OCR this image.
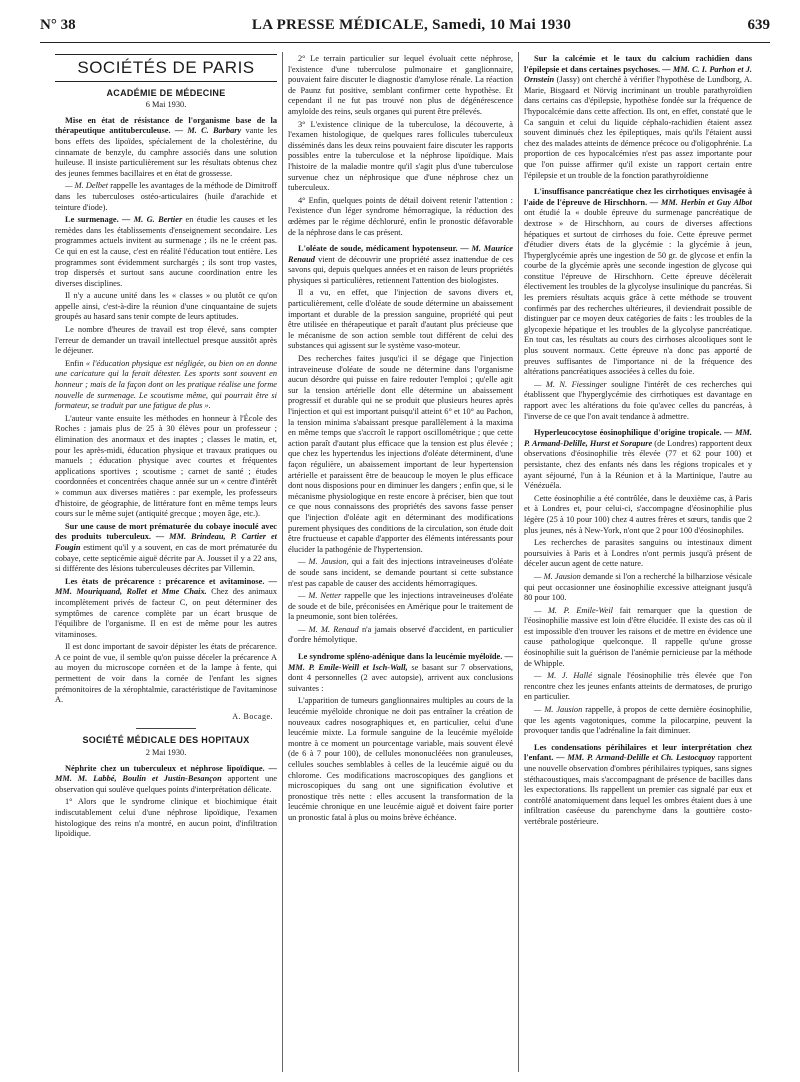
N° 38	LA PRESSE MÉDICALE, Samedi, 10 Mai 1930	639
SOCIÉTÉS DE PARIS
ACADÉMIE DE MÉDECINE
6 Mai 1930.

Mise en état de résistance de l'organisme base de la thérapeutique antituberculeuse. — M. C. Barbary vante les bons effets des lipoïdes, spécialement de la cholestérine, du cinnamate de benzyle, du camphre associés dans une solution huileuse. Il insiste particulièrement sur les résultats obtenus chez des jeunes femmes bacillaires et en état de grossesse.

— M. Delbet rappelle les avantages de la méthode de Dimitroff dans les tuberculoses ostéo-articulaires (huile d'arachide et teinture d'iode).

Le surmenage. — M. G. Bertier en étudie les causes et les remèdes dans les établissements d'enseignement secondaire. Les programmes actuels invitent au surmenage ; ils ne le créent pas. Ce qui en est la cause, c'est en réalité l'éducation tout entière. Les programmes sont évidemment surchargés ; ils sont trop vastes, trop dispersés et surtout sans aucune coordination entre les diverses disciplines.

Il n'y a aucune unité dans les « classes » ou plutôt ce qu'on appelle ainsi, c'est-à-dire la réunion d'une cinquantaine de sujets groupés au hasard sans tenir compte de leurs aptitudes.

Le nombre d'heures de travail est trop élevé, sans compter l'erreur de demander un travail intellectuel presque aussitôt après le déjeuner.

Enfin « l'éducation physique est négligée, ou bien on en donne une caricature qui la ferait détester. Les sports sont souvent en honneur ; mais de la façon dont on les pratique réalise une forme nouvelle de surmenage. Le scoutisme même, qui pourrait être si formateur, se traduit par une fatigue de plus ».

L'auteur vante ensuite les méthodes en honneur à l'École des Roches : jamais plus de 25 à 30 élèves pour un professeur ; élimination des anormaux et des inaptes ; classes le matin, et, pour les après-midi, éducation physique et travaux pratiques ou manuels ; éducation physique avec courtes et fréquentes applications sportives ; scoutisme ; carnet de santé ; études coordonnées et concentrées chaque année sur un « centre d'intérêt » commun aux diverses matières : par exemple, les professeurs d'histoire, de géographie, de littérature font en même temps leurs cours sur le même sujet (antiquité grecque ; moyen âge, etc.).

Sur une cause de mort prématurée du cobaye inoculé avec des produits tuberculeux. — MM. Brindeau, P. Cartier et Fougin estiment qu'il y a souvent, en cas de mort prématurée du cobaye, cette septicémie aiguë décrite par A. Jousset il y a 22 ans, si différente des lésions tuberculeuses décrites par Villemin.

Les états de précarence : précarence et avitaminose. — MM. Mouriquand, Rollet et Mme Chaix. Chez des animaux incomplètement privés de facteur C, on peut déterminer des symptômes de carence complète par un écart brusque de l'équilibre de l'organisme. Il en est de même pour les autres vitaminoses.

Il est donc important de savoir dépister les états de précarence. A ce point de vue, il semble qu'on puisse déceler la précarence A au moyen du microscope cornéen et de la lampe à fente, qui permettent de voir dans la cornée de l'enfant les signes prémonitoires de la xérophtalmie, caractéristique de l'avitaminose A.

A. Bocage.
SOCIÉTÉ MÉDICALE DES HOPITAUX
2 Mai 1930.

Néphrite chez un tuberculeux et néphrose lipoïdique. — MM. M. Labbé, Boulin et Justin-Besançon apportent une observation qui soulève quelques points d'interprétation délicate.

1° Alors que le syndrome clinique et biochimique était indiscutablement celui d'une néphrose lipoïdique, l'examen histologique des reins n'a montré, en aucun point, d'infiltration lipoïdique.

2° Le terrain particulier sur lequel évoluait cette néphrose, l'existence d'une tuberculose pulmonaire et ganglionnaire, pouvaient faire discuter le diagnostic d'amylose rénale. La réaction de Paunz fut positive, semblant confirmer cette hypothèse. Et cependant il ne fut pas trouvé non plus de dégénérescence amyloïde des reins, seuls organes qui purent être prélevés.

3° L'existence clinique de la tuberculose, la découverte, à l'examen histologique, de quelques rares follicules tuberculeux disséminés dans les deux reins pouvaient faire discuter les rapports possibles entre la tuberculose et la néphrose lipoïdique. Mais l'histoire de la maladie montre qu'il s'agit plus d'une tuberculose survenue chez un néphrosique que d'une néphrose chez un tuberculeux.

4° Enfin, quelques points de détail doivent retenir l'attention : l'existence d'un léger syndrome hémorragique, la réduction des œdèmes par le régime déchloruré, enfin le pronostic défavorable de la néphrose dans le cas présent.

L'oléate de soude, médicament hypotenseur. — M. Maurice Renaud vient de découvrir une propriété assez inattendue de ces savons qui, depuis quelques années et en raison de leurs propriétés physiques si particulières, retiennent l'attention des biologistes.

Il a vu, en effet, que l'injection de savons divers et, particulièrement, celle d'oléate de soude détermine un abaissement important et durable de la pression sanguine, propriété qui peut être utilisée en thérapeutique et paraît d'autant plus précieuse que le mécanisme de son action semble tout différent de celui des substances qui agissent sur le système vaso-moteur.

Des recherches faites jusqu'ici il se dégage que l'injection intraveineuse d'oléate de soude ne détermine dans l'organisme aucun désordre qui puisse en faire redouter l'emploi ; qu'elle agit sur la tension artérielle dont elle détermine un abaissement progressif et durable qui ne se produit que plusieurs heures après l'injection et qui est important puisqu'il atteint 6° et 10° au Pachon, la tension minima s'abaissant presque parallèlement à la maxima en même temps que s'accroît le rapport oscillométrique ; que cette action paraît d'autant plus efficace que la tension est plus élevée ; que chez les hypertendus les injections d'oléate déterminent, d'une façon régulière, un abaissement important de leur hypertension artérielle et paraissent être de beaucoup le moyen le plus efficace dont nous disposions pour en diminuer les dangers ; enfin que, si le mécanisme physiologique en reste encore à préciser, bien que tout ce que nous connaissons des propriétés des savons fasse penser que l'injection d'oléate agit en déterminant des modifications purement physiques des conditions de la circulation, son étude doit être fructueuse et capable d'apporter des éléments intéressants pour élucider la pathogénie de l'hypertension.

— M. Jausion, qui a fait des injections intraveineuses d'oléate de soude sans incident, se demande pourtant si cette substance n'est pas capable de causer des accidents hémorragiques.

— M. Netter rappelle que les injections intraveineuses d'oléate de soude et de bile, préconisées en Amérique pour le traitement de la pneumonie, sont bien tolérées.

— M. M. Renaud n'a jamais observé d'accident, en particulier d'ordre hémolytique.

Le syndrome spléno-adénique dans la leucémie myéloïde. — MM. P. Emile-Weill et Isch-Wall, se basant sur 7 observations, dont 4 personnelles (2 avec autopsie), arrivent aux conclusions suivantes :

L'apparition de tumeurs ganglionnaires multiples au cours de la leucémie myéloïde chronique ne doit pas entraîner la création de nouveaux cadres nosographiques et, en particulier, celui d'une leucémie mixte. La formule sanguine de la leucémie myéloïde montre à ce moment un pourcentage variable, mais souvent élevé (de 6 à 7 pour 100), de cellules mononucléées non granuleuses, cellules souches semblables à celles de la leucémie aiguë ou du chlorome. Ces modifications macroscopiques des ganglions et microscopiques du sang ont une signification évolutive et pronostique très nette : elles accusent la transformation de la leucémie chronique en une leucémie aiguë et doivent faire porter un pronostic fatal à plus ou moins brève échéance.

Sur la calcémie et le taux du calcium rachidien dans l'épilepsie et dans certaines psychoses. — MM. C. I. Parhon et J. Ornstein (Jassy) ont cherché à vérifier l'hypothèse de Lundborg, A. Marie, Bisgaard et Nörvig incriminant un trouble parathyroïdien dans certains cas d'épilepsie, hypothèse fondée sur la fréquence de l'hypocalcémie dans cette affection. Ils ont, en effet, constaté que le Ca sanguin et celui du liquide céphalo-rachidien étaient assez souvent diminués chez les épileptiques, mais qu'ils l'étaient aussi chez des malades atteints de démence précoce ou d'oligophrénie. La proportion de ces hypocalcémies n'est pas assez importante pour que l'on puisse affirmer qu'il existe un rapport certain entre l'épilepsie et un trouble de la fonction parathyroïdienne

L'insuffisance pancréatique chez les cirrhotiques envisagée à l'aide de l'épreuve de Hirschhorn. — MM. Herbin et Guy Albot ont étudié la « double épreuve du surmenage pancréatique de dextrose » de Hirschhorn, au cours de diverses affections hépatiques et surtout de cirrhoses du foie. Cette épreuve permet d'étudier divers états de la glycémie : la glycémie à jeun, l'hyperglycémie après une ingestion de 50 gr. de glycose et enfin la courbe de la glycémie après une seconde ingestion de glycose qui constitue l'épreuve de Hirschhorn. Cette épreuve décèlerait électivement les troubles de la glycolyse insulinique du pancréas. Si les premiers résultats acquis grâce à cette méthode se trouvent confirmés par des recherches ultérieures, il deviendrait possible de distinguer par ce moyen deux catégories de faits : les troubles de la glycopexie hépatique et les troubles de la glycolyse pancréatique. En tout cas, les résultats au cours des cirrhoses alcooliques sont le plus souvent normaux. Cette épreuve n'a donc pas apporté de preuves suffisantes de l'importance ni de la fréquence des altérations pancréatiques associées à celles du foie.

— M. N. Fiessinger souligne l'intérêt de ces recherches qui établissent que l'hyperglycémie des cirrhotiques est davantage en rapport avec les altérations du foie qu'avec celles du pancréas, à l'inverse de ce que l'on avait tendance à admettre.

Hyperleucocytose éosinophilique d'origine tropicale. — MM. P. Armand-Delille, Hurst et Sorapure (de Londres) rapportent deux observations d'éosinophilie très élevée (77 et 62 pour 100) et persistante, chez des enfants nés dans les régions tropicales et y ayant séjourné, l'un à la Réunion et à la Martinique, l'autre au Vénézuéla.

Cette éosinophilie a été contrôlée, dans le deuxième cas, à Paris et à Londres et, pour celui-ci, s'accompagne d'éosinophilie plus légère (25 à 10 pour 100) chez 4 autres frères et sœurs, tandis que 2 plus jeunes, nés à New-York, n'ont que 2 pour 100 d'éosinophiles.

Les recherches de parasites sanguins ou intestinaux diment poursuivies à Paris et à Londres n'ont permis jusqu'à présent de déceler aucun agent de cette nature.

— M. Jausion demande si l'on a recherché la bilharziose vésicale qui peut occasionner une éosinophilie excessive atteignant jusqu'à 80 pour 100.

— M. P. Emile-Weil fait remarquer que la question de l'éosinophilie massive est loin d'être élucidée. Il existe des cas où il est impossible d'en trouver les raisons et de mettre en évidence une cause pathologique quelconque. Il rappelle qu'une grosse éosinophilie suit la guérison de l'anémie pernicieuse par la méthode de Whipple.

— M. J. Hallé signale l'éosinophilie très élevée que l'on rencontre chez les jeunes enfants atteints de dermatoses, de prurigo en particulier.

— M. Jausion rappelle, à propos de cette dernière éosinophilie, que les agents vagotoniques, comme la pilocarpine, peuvent la provoquer tandis que l'adrénaline la fait diminuer.

Les condensations périhilaires et leur interprétation chez l'enfant. — MM. P. Armand-Delille et Ch. Lestocquoy rapportent une nouvelle observation d'ombres périhilaires typiques, sans signes stéthacoustiques, mais s'accompagnant de présence de bacilles dans les expectorations. Ils rappellent un premier cas signalé par eux et contrôlé anatomiquement dans lequel les ombres étaient dues à une infiltration caséeuse du parenchyme dans la gouttière costo-vertébrale postérieure.
